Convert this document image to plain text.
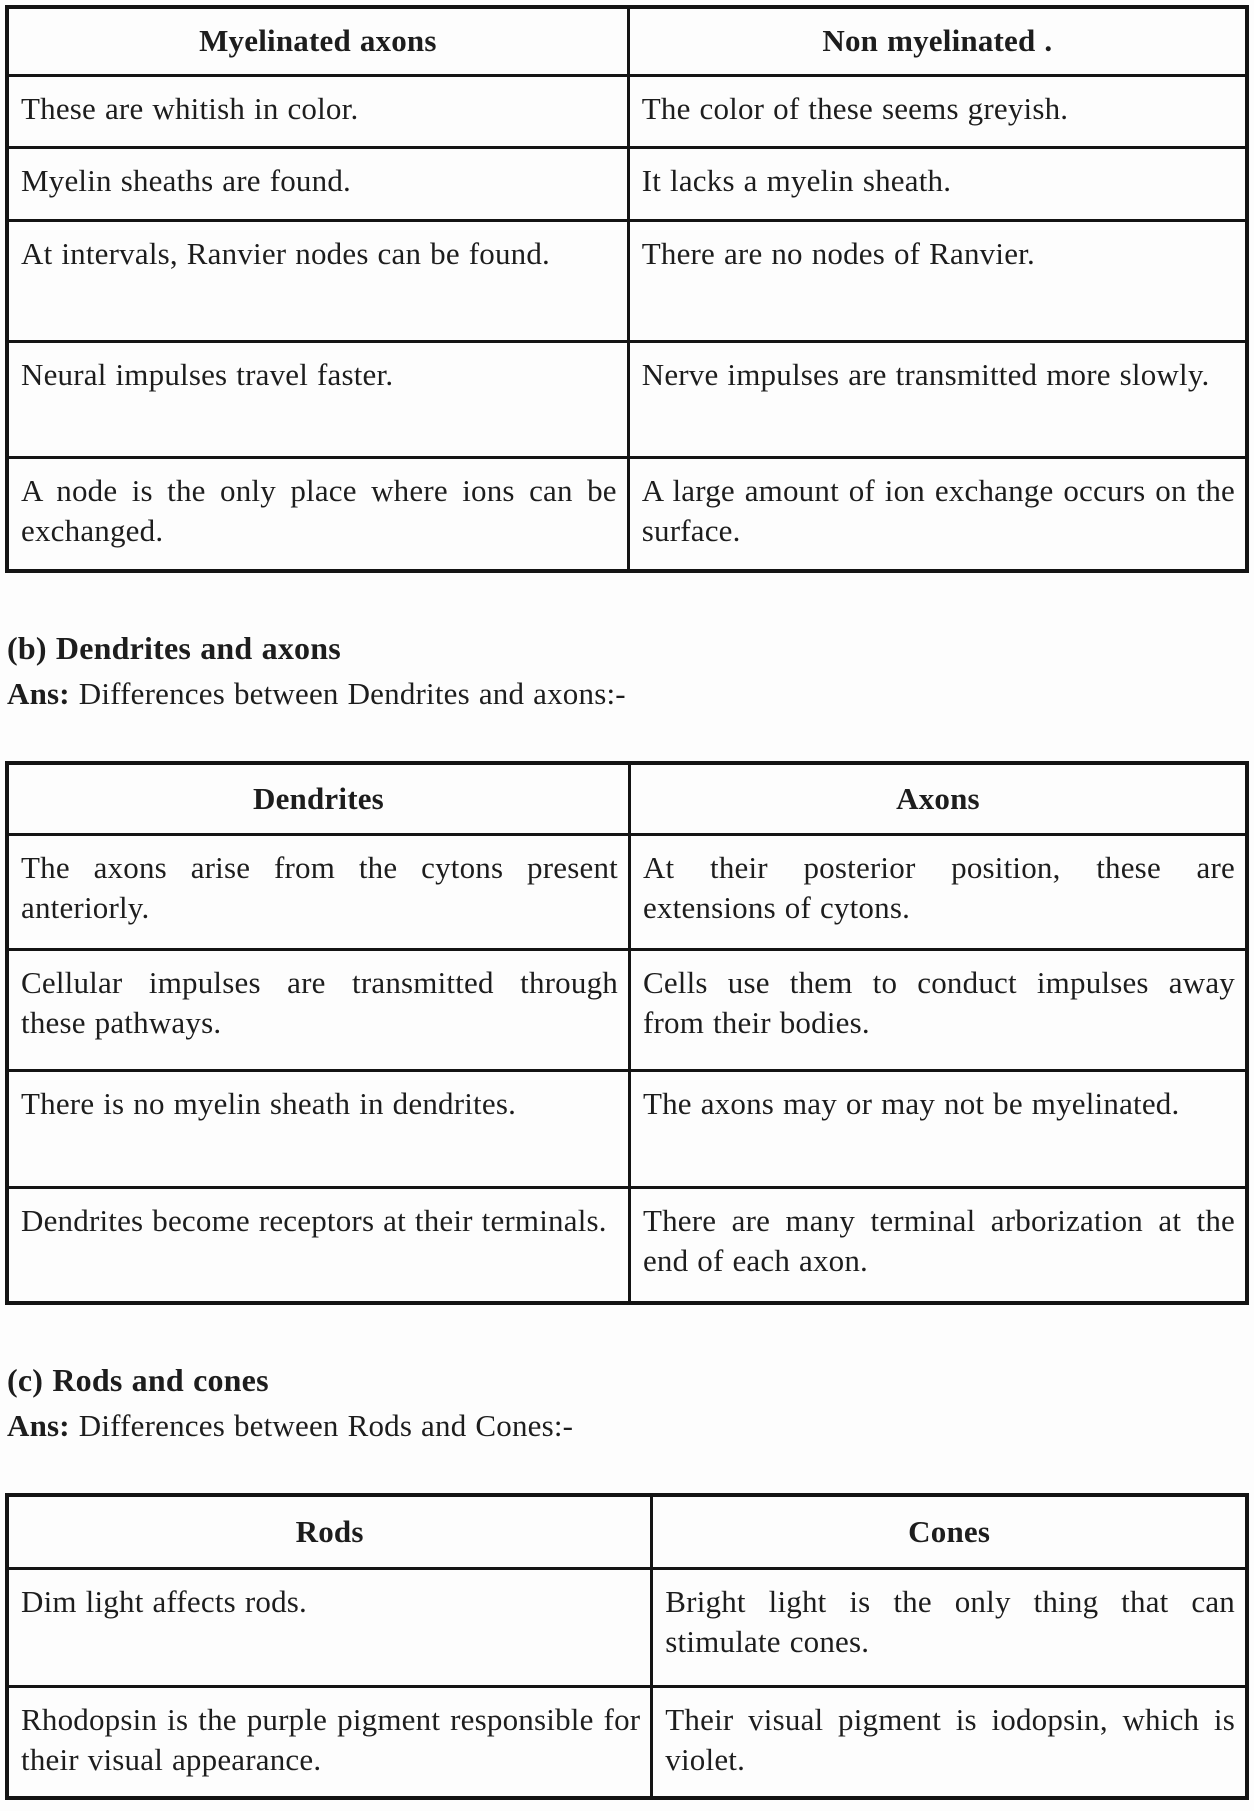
Myelinated axons	Non myelinated .
These are whitish in color.	The color of these seems greyish.
Myelin sheaths are found.	It lacks a myelin sheath.
At intervals, Ranvier nodes can be found.	There are no nodes of Ranvier.
Neural impulses travel faster.	Nerve impulses are transmitted more slowly.
A node is the only place where ions can be exchanged.	A large amount of ion exchange occurs on the surface.

(b) Dendrites and axons

Ans: Differences between Dendrites and axons:-

Dendrites	Axons
The axons arise from the cytons present anteriorly.	At their posterior position, these are extensions of cytons.
Cellular impulses are transmitted through these pathways.	Cells use them to conduct impulses away from their bodies.
There is no myelin sheath in dendrites.	The axons may or may not be myelinated.
Dendrites become receptors at their terminals.	There are many terminal arborization at the end of each axon.

(c) Rods and cones

Ans: Differences between Rods and Cones:-

Rods	Cones
Dim light affects rods.	Bright light is the only thing that can stimulate cones.
Rhodopsin is the purple pigment responsible for their visual appearance.	Their visual pigment is iodopsin, which is violet.
